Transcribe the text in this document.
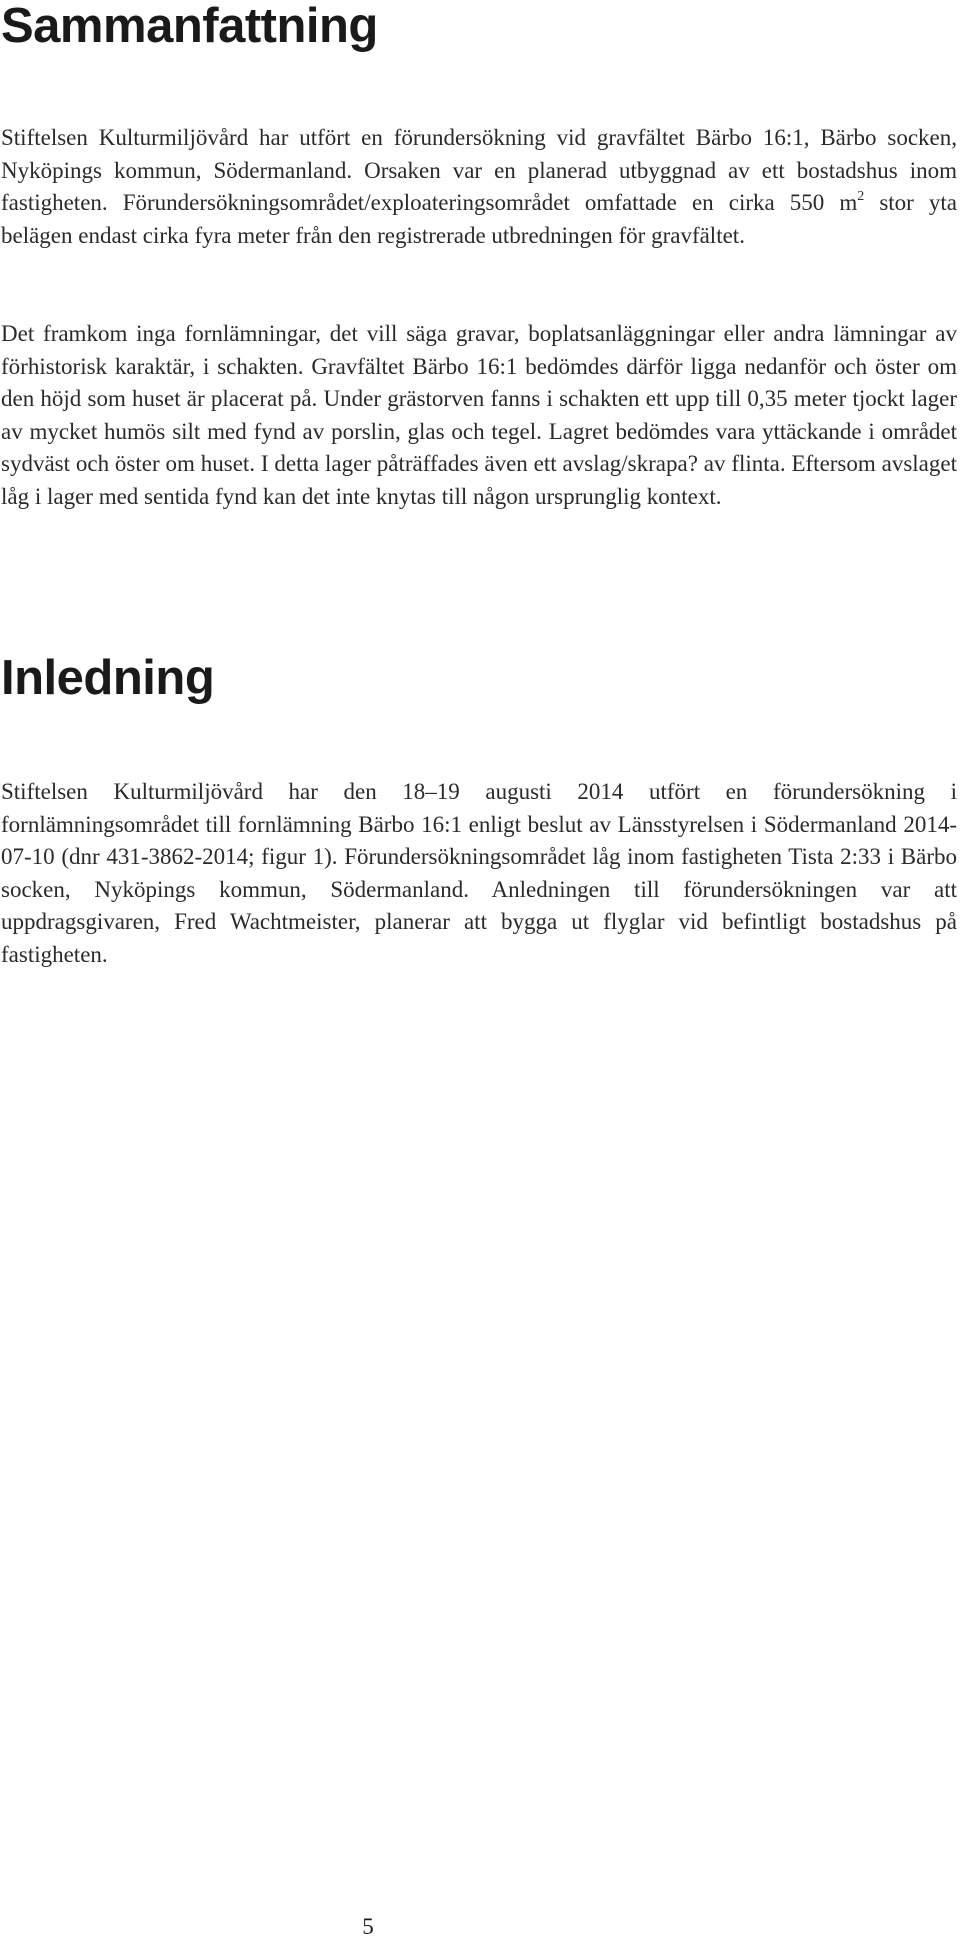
Sammanfattning

Stiftelsen Kulturmiljövård har utfört en förundersökning vid gravfältet Bärbo 16:1, Bärbo socken, Nyköpings kommun, Södermanland. Orsaken var en planerad utbyggnad av ett bostadshus inom fastigheten. Förundersökningsområdet/exploateringsområdet omfattade en cirka 550 $m^2$ stor yta belägen endast cirka fyra meter från den registrerade utbredningen för gravfältet.

Det framkom inga fornlämningar, det vill säga gravar, boplatsanläggningar eller andra lämningar av förhistorisk karaktär, i schakten. Gravfältet Bärbo 16:1 bedömdes därför ligga nedanför och öster om den höjd som huset är placerat på. Under grästorven fanns i schakten ett upp till 0,35 meter tjockt lager av mycket humös silt med fynd av porslin, glas och tegel. Lagret bedömdes vara yttäckande i området sydväst och öster om huset. I detta lager påträffades även ett avslag/skrapa? av flinta. Eftersom avslaget låg i lager med sentida fynd kan det inte knytas till någon ursprunglig kontext.

Inledning

Stiftelsen Kulturmiljövård har den 18–19 augusti 2014 utfört en förundersökning i fornlämningsområdet till fornlämning Bärbo 16:1 enligt beslut av Länsstyrelsen i Södermanland 2014-07-10 (dnr 431-3862-2014; figur 1). Förundersökningsområdet låg inom fastigheten Tista 2:33 i Bärbo socken, Nyköpings kommun, Södermanland. Anledningen till förundersökningen var att uppdragsgivaren, Fred Wachtmeister, planerar att bygga ut flyglar vid befintligt bostadshus på fastigheten.

5
